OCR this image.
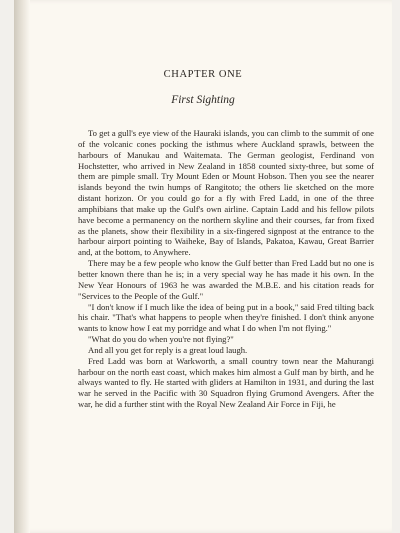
CHAPTER ONE
First Sighting

To get a gull's eye view of the Hauraki islands, you can climb to the summit of one of the volcanic cones pocking the isthmus where Auckland sprawls, between the harbours of Manukau and Waitemata. The German geologist, Ferdinand von Hochstetter, who arrived in New Zealand in 1858 counted sixty-three, but some of them are pimple small. Try Mount Eden or Mount Hobson. Then you see the nearer islands beyond the twin humps of Rangitoto; the others lie sketched on the more distant horizon. Or you could go for a fly with Fred Ladd, in one of the three amphibians that make up the Gulf's own airline. Captain Ladd and his fellow pilots have become a permanency on the northern skyline and their courses, far from fixed as the planets, show their flexibility in a six-fingered signpost at the entrance to the harbour airport pointing to Waiheke, Bay of Islands, Pakatoa, Kawau, Great Barrier and, at the bottom, to Anywhere.

There may be a few people who know the Gulf better than Fred Ladd but no one is better known there than he is; in a very special way he has made it his own. In the New Year Honours of 1963 he was awarded the M.B.E. and his citation reads for "Services to the People of the Gulf."

"I don't know if I much like the idea of being put in a book," said Fred tilting back his chair. "That's what happens to people when they're finished. I don't think anyone wants to know how I eat my porridge and what I do when I'm not flying."

"What do you do when you're not flying?"

And all you get for reply is a great loud laugh.

Fred Ladd was born at Warkworth, a small country town near the Mahurangi harbour on the north east coast, which makes him almost a Gulf man by birth, and he always wanted to fly. He started with gliders at Hamilton in 1931, and during the last war he served in the Pacific with 30 Squadron flying Grumond Avengers. After the war, he did a further stint with the Royal New Zealand Air Force in Fiji, he
